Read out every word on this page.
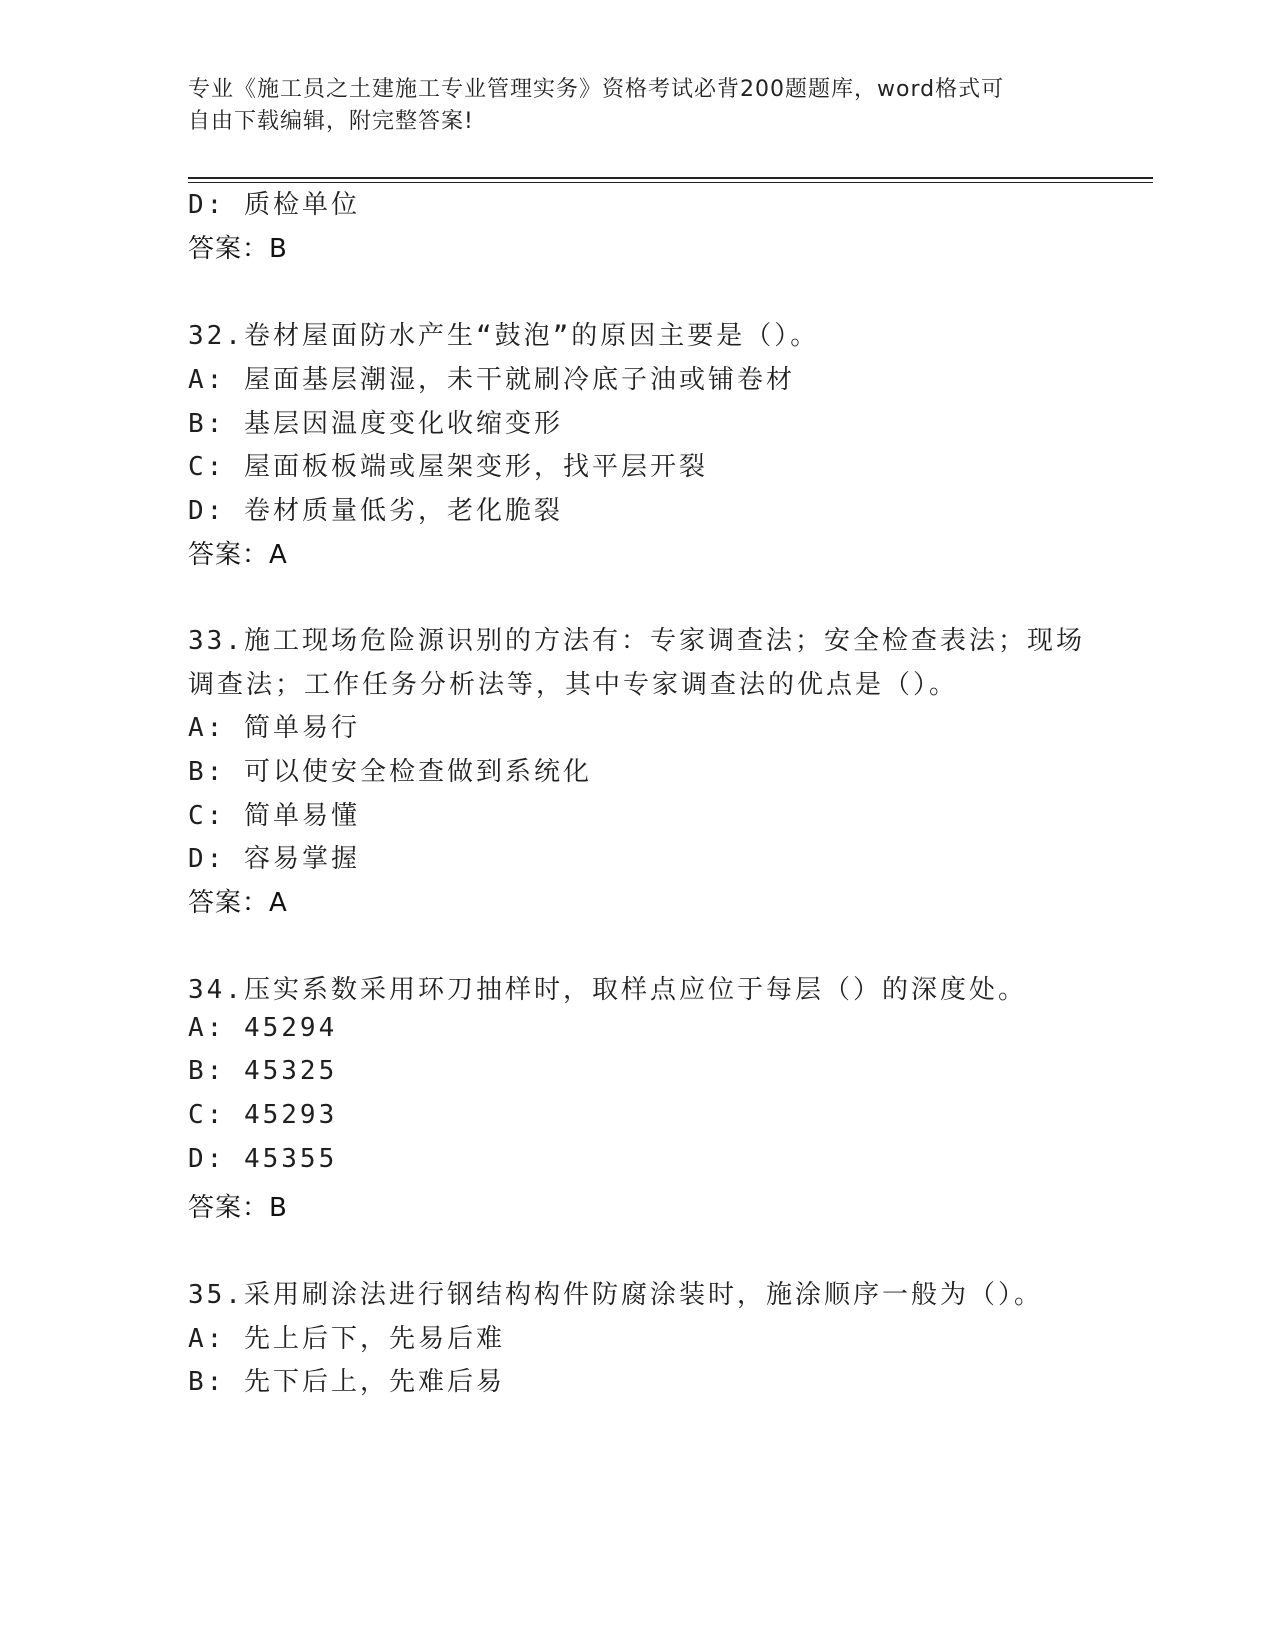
专业《施工员之土建施工专业管理实务》资格考试必背200题题库，word格式可
自由下载编辑，附完整答案!
D: 质检单位
答案：B
32.卷材屋面防水产生“鼓泡”的原因主要是（）。
A: 屋面基层潮湿，未干就刷冷底子油或铺卷材
B: 基层因温度变化收缩变形
C: 屋面板板端或屋架变形，找平层开裂
D: 卷材质量低劣，老化脆裂
答案：A
33.施工现场危险源识别的方法有：专家调查法；安全检查表法；现场
调查法；工作任务分析法等，其中专家调查法的优点是（）。
A: 简单易行
B: 可以使安全检查做到系统化
C: 简单易懂
D: 容易掌握
答案：A
34.压实系数采用环刀抽样时，取样点应位于每层（）的深度处。
A: 45294
B: 45325
C: 45293
D: 45355
答案：B
35.采用刷涂法进行钢结构构件防腐涂装时，施涂顺序一般为（）。
A: 先上后下，先易后难
B: 先下后上，先难后易
